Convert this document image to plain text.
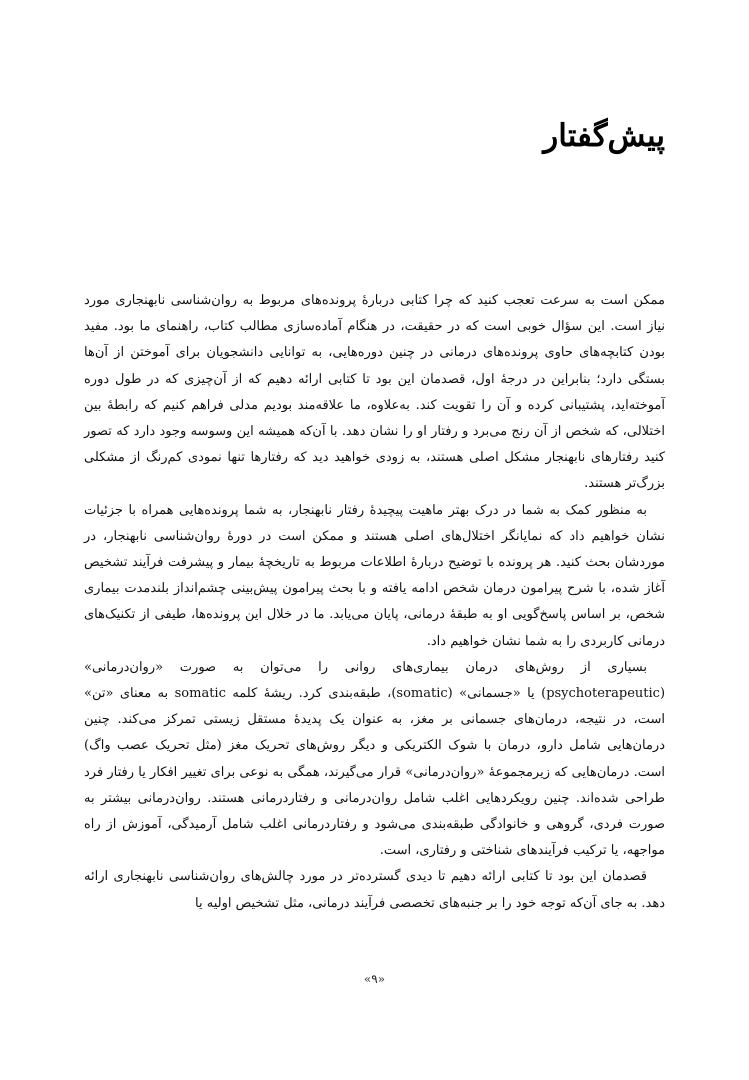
پیش‌گفتار

ممکن است به سرعت تعجب کنید که چرا کتابی دربارهٔ پرونده‌های مربوط به روان‌شناسی نابهنجاری مورد نیاز است. این سؤال خوبی است که در حقیقت، در هنگام آماده‌سازی مطالب کتاب، راهنمای ما بود. مفید بودن کتابچه‌های حاوی پرونده‌های درمانی در چنین دوره‌هایی، به توانایی دانشجویان برای آموختن از آن‌ها بستگی دارد؛ بنابراین در درجهٔ اول، قصدمان این بود تا کتابی ارائه دهیم که از آن‌چیزی که در طول دوره آموخته‌اید، پشتیبانی کرده و آن را تقویت کند. به‌علاوه، ما علاقه‌مند بودیم مدلی فراهم کنیم که رابطهٔ بین اختلالی، که شخص از آن رنج می‌برد و رفتار او را نشان دهد. با آن‌که همیشه این وسوسه وجود دارد که تصور کنید رفتارهای نابهنجار مشکل اصلی هستند، به زودی خواهید دید که رفتارها تنها نمودی کم‌رنگ از مشکلی بزرگ‌تر هستند.

به منظور کمک به شما در درک بهتر ماهیت پیچیدهٔ رفتار نابهنجار، به شما پرونده‌هایی همراه با جزئیات نشان خواهیم داد که نمایانگر اختلال‌های اصلی هستند و ممکن است در دورهٔ روان‌شناسی نابهنجار، در موردشان بحث کنید. هر پرونده با توضیح دربارهٔ اطلاعات مربوط به تاریخچهٔ بیمار و پیشرفت فرآیند تشخیص آغاز شده، با شرح پیرامون درمان شخص ادامه یافته و با بحث پیرامون پیش‌بینی چشم‌انداز بلندمدت بیماری شخص، بر اساس پاسخ‌گویی او به طبقهٔ درمانی، پایان می‌یابد. ما در خلال این پرونده‌ها، طیفی از تکنیک‌های درمانی کاربردی را به شما نشان خواهیم داد.

بسیاری از روش‌های درمان بیماری‌های روانی را می‌توان به صورت «روان‌درمانی» (psychoterapeutic) یا «جسمانی» (somatic)، طبقه‌بندی کرد. ریشهٔ کلمه somatic به معنای «تن» است، در نتیجه، درمان‌های جسمانی بر مغز، به عنوان یک پدیدهٔ مستقل زیستی تمرکز می‌کند. چنین درمان‌هایی شامل دارو، درمان با شوک الکتریکی و دیگر روش‌های تحریک مغز (مثل تحریک عصب واگ) است. درمان‌هایی که زیرمجموعهٔ «روان‌درمانی» قرار می‌گیرند، همگی به نوعی برای تغییر افکار یا رفتار فرد طراحی شده‌اند. چنین رویکردهایی اغلب شامل روان‌درمانی و رفتاردرمانی هستند. روان‌درمانی بیشتر به صورت فردی، گروهی و خانوادگی طبقه‌بندی می‌شود و رفتاردرمانی اغلب شامل آرمیدگی، آموزش از راه مواجهه، یا ترکیب فرآیندهای شناختی و رفتاری، است.

قصدمان این بود تا کتابی ارائه دهیم تا دیدی گسترده‌تر در مورد چالش‌های روان‌شناسی نابهنجاری ارائه دهد. به جای آن‌که توجه خود را بر جنبه‌های تخصصی فرآیند درمانی، مثل تشخیص اولیه یا

«۹»
